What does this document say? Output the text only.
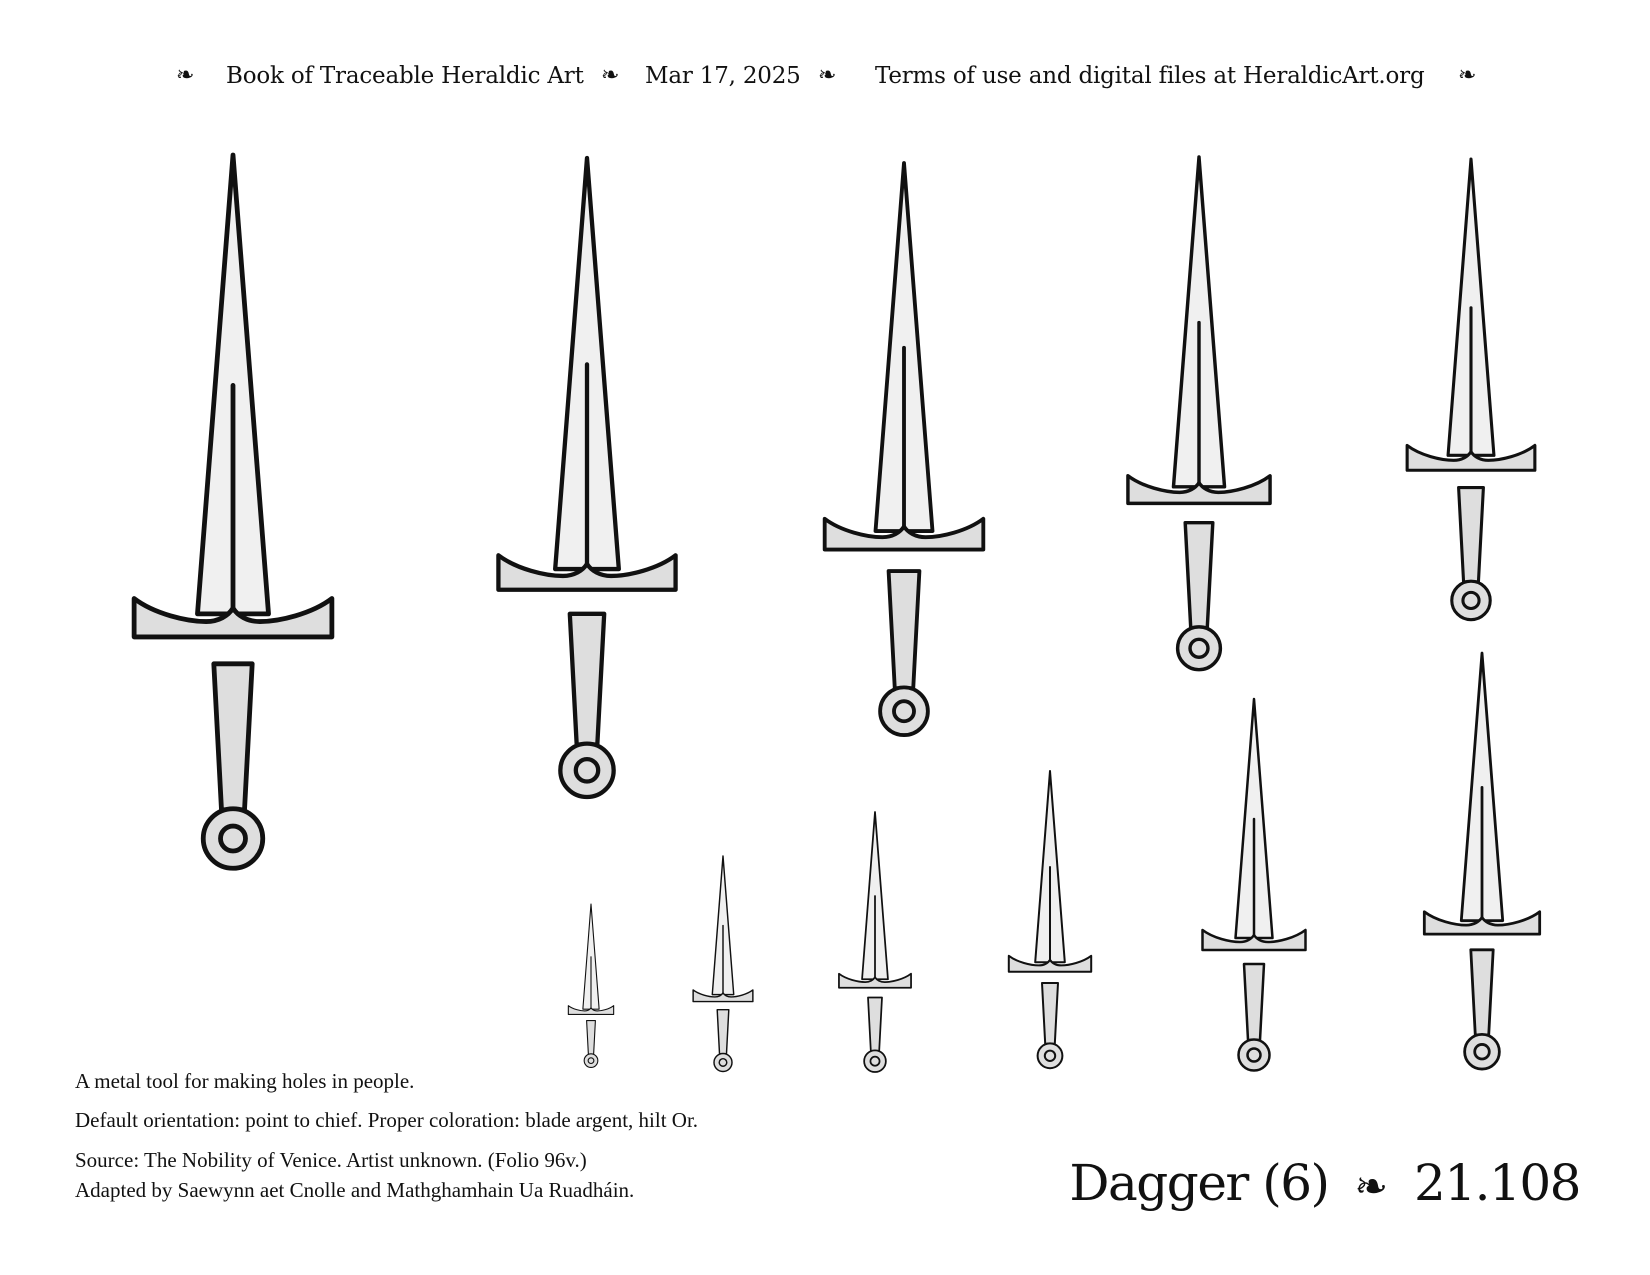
❧ Book of Traceable Heraldic Art ❧ Mar 17, 2025 ❧ Terms of use and digital files at HeraldicArt.org ❧
A metal tool for making holes in people.
Default orientation: point to chief. Proper coloration: blade argent, hilt Or.
Source: The Nobility of Venice. Artist unknown. (Folio 96v.)
Adapted by Saewynn aet Cnolle and Mathghamhain Ua Ruadháin.	Dagger (6) ❧ 21.108
